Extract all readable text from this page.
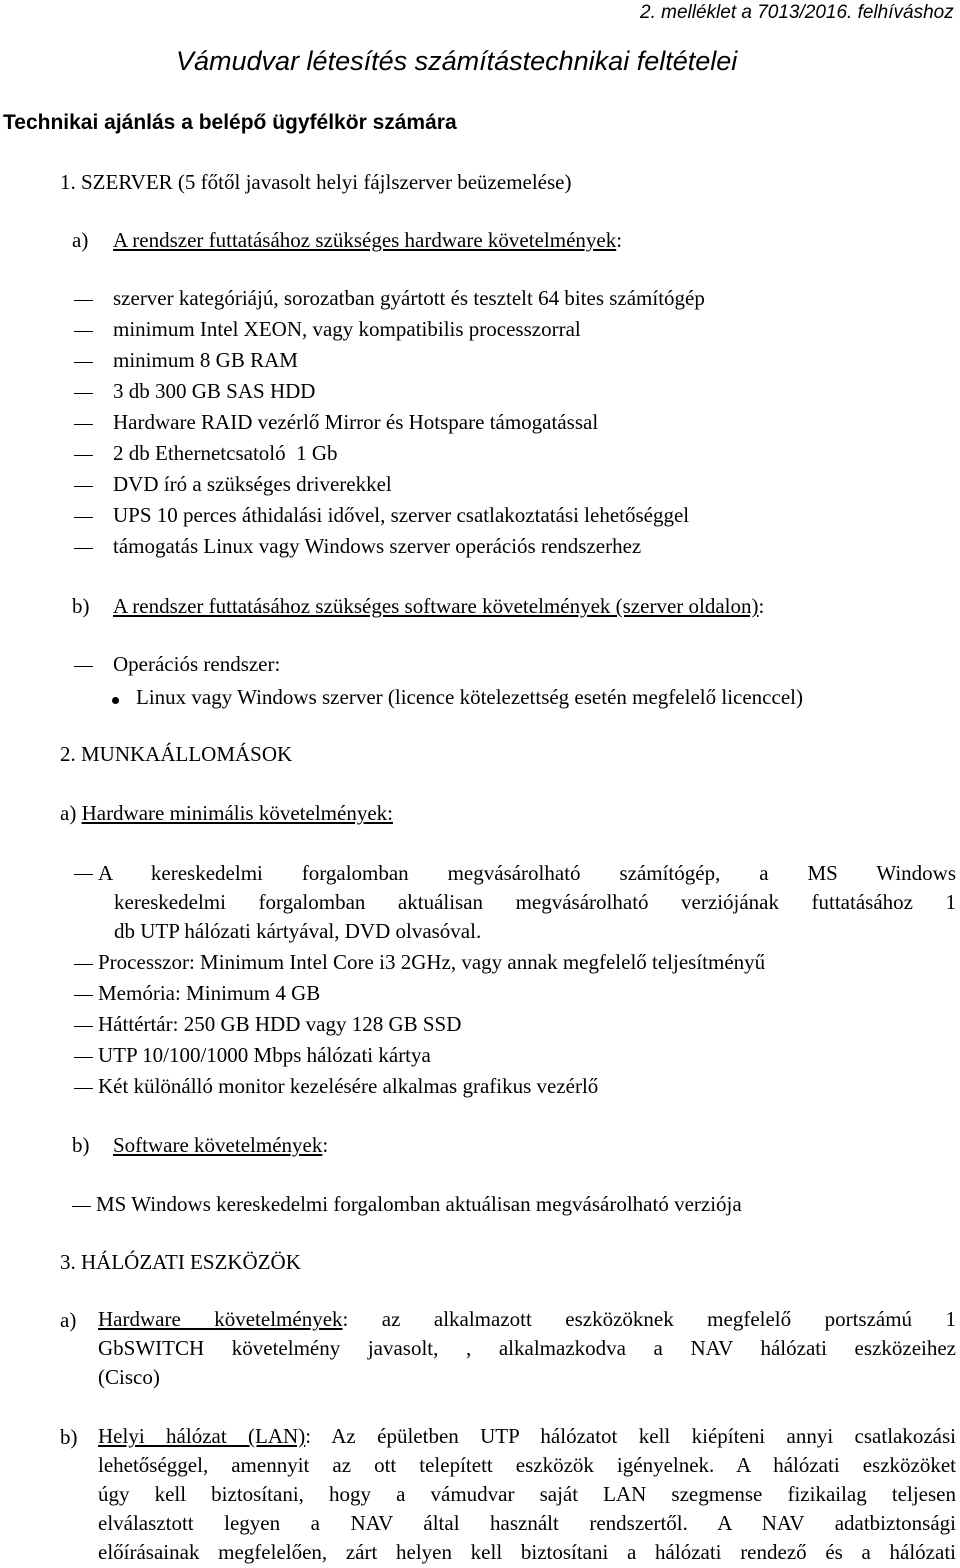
2. melléklet a 7013/2016. felhíváshoz
Vámudvar létesítés számítástechnikai feltételei
Technikai ajánlás a belépő ügyfélkör számára
1. SZERVER (5 főtől javasolt helyi fájlszerver beüzemelése)
a) A rendszer futtatásához szükséges hardware követelmények:
szerver kategóriájú, sorozatban gyártott és tesztelt 64 bites számítógép
minimum Intel XEON, vagy kompatibilis processzorral
minimum 8 GB RAM
3 db 300 GB SAS HDD
Hardware RAID vezérlő Mirror és Hotspare támogatással
2 db Ethernetcsatoló  1 Gb
DVD író a szükséges driverekkel
UPS 10 perces áthidalási idővel, szerver csatlakoztatási lehetőséggel
támogatás Linux vagy Windows szerver operációs rendszerhez
b) A rendszer futtatásához szükséges software követelmények (szerver oldalon):
Operációs rendszer:
Linux vagy Windows szerver (licence kötelezettség esetén megfelelő licenccel)
2. MUNKAÁLLOMÁSOK
a) Hardware minimális követelmények:
A kereskedelmi forgalomban megvásárolható számítógép, a MS Windows
kereskedelmi forgalomban aktuálisan megvásárolható verziójának futtatásához 1
db UTP hálózati kártyával, DVD olvasóval.
Processzor: Minimum Intel Core i3 2GHz, vagy annak megfelelő teljesítményű
Memória: Minimum 4 GB
Háttértár: 250 GB HDD vagy 128 GB SSD
UTP 10/100/1000 Mbps hálózati kártya
Két különálló monitor kezelésére alkalmas grafikus vezérlő
b) Software követelmények:
MS Windows kereskedelmi forgalomban aktuálisan megvásárolható verziója
3. HÁLÓZATI ESZKÖZÖK
a) Hardware követelmények: az alkalmazott eszközöknek megfelelő portszámú 1
GbSWITCH követelmény javasolt, , alkalmazkodva a NAV hálózati eszközeihez
(Cisco)
b) Helyi hálózat (LAN): Az épületben UTP hálózatot kell kiépíteni annyi csatlakozási
lehetőséggel, amennyit az ott telepített eszközök igényelnek. A hálózati eszközöket
úgy kell biztosítani, hogy a vámudvar saját LAN szegmense fizikailag teljesen
elválasztott legyen a NAV által használt rendszertől. A NAV adatbiztonsági
előírásainak megfelelően, zárt helyen kell biztosítani a hálózati rendező és a hálózati
